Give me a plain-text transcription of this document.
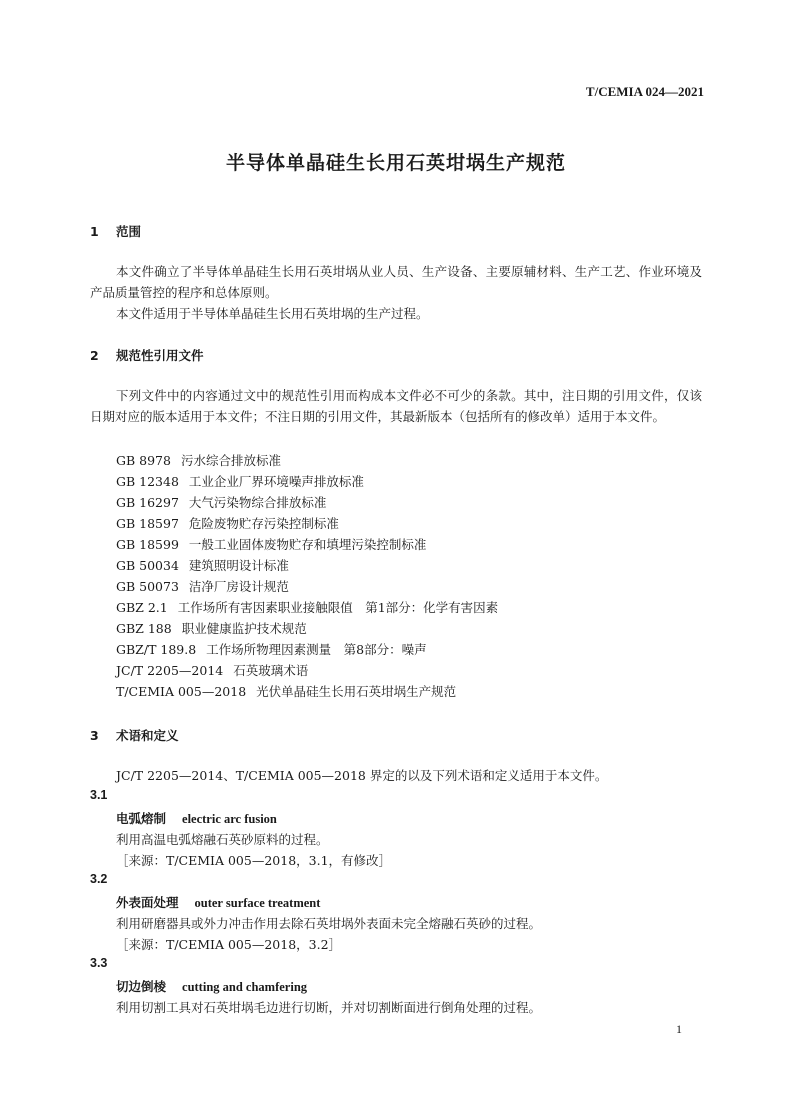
T/CEMIA 024—2021
半导体单晶硅生长用石英坩埚生产规范
1 范围
本文件确立了半导体单晶硅生长用石英坩埚从业人员、生产设备、主要原辅材料、生产工艺、作业环境及产品质量管控的程序和总体原则。
本文件适用于半导体单晶硅生长用石英坩埚的生产过程。
2 规范性引用文件
下列文件中的内容通过文中的规范性引用而构成本文件必不可少的条款。其中，注日期的引用文件，仅该日期对应的版本适用于本文件；不注日期的引用文件，其最新版本（包括所有的修改单）适用于本文件。
GB 8978 污水综合排放标准
GB 12348 工业企业厂界环境噪声排放标准
GB 16297 大气污染物综合排放标准
GB 18597 危险废物贮存污染控制标准
GB 18599 一般工业固体废物贮存和填埋污染控制标准
GB 50034 建筑照明设计标准
GB 50073 洁净厂房设计规范
GBZ 2.1 工作场所有害因素职业接触限值　第1部分：化学有害因素
GBZ 188 职业健康监护技术规范
GBZ/T 189.8 工作场所物理因素测量　第8部分：噪声
JC/T 2205—2014 石英玻璃术语
T/CEMIA 005—2018 光伏单晶硅生长用石英坩埚生产规范
3 术语和定义
JC/T 2205—2014、T/CEMIA 005—2018 界定的以及下列术语和定义适用于本文件。
3.1
电弧熔制 electric arc fusion
利用高温电弧熔融石英砂原料的过程。
［来源：T/CEMIA 005—2018，3.1，有修改］
3.2
外表面处理 outer surface treatment
利用研磨器具或外力冲击作用去除石英坩埚外表面未完全熔融石英砂的过程。
［来源：T/CEMIA 005—2018，3.2］
3.3
切边倒棱 cutting and chamfering
利用切割工具对石英坩埚毛边进行切断，并对切割断面进行倒角处理的过程。
1
